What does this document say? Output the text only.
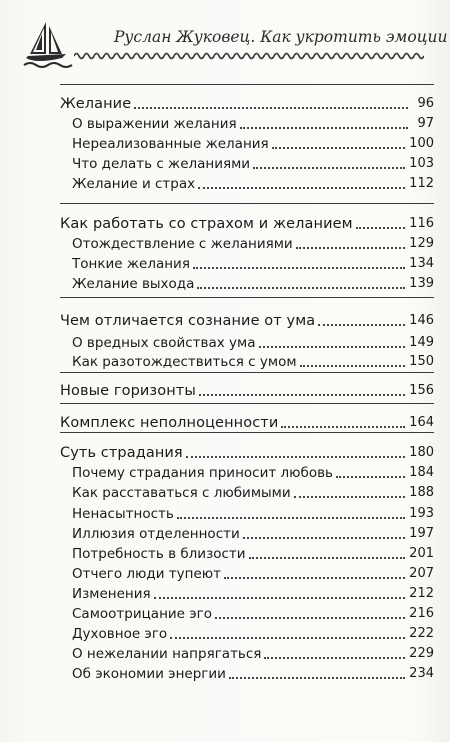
Руслан Жуковец. Как укротить эмоции
Желание	96
О выражении желания	97
Нереализованные желания	100
Что делать с желаниями	103
Желание и страх	112
Как работать со страхом и желанием	116
Отождествление с желаниями	129
Тонкие желания	134
Желание выхода	139
Чем отличается сознание от ума	146
О вредных свойствах ума	149
Как разотождествиться с умом	150
Новые горизонты	156
Комплекс неполноценности	164
Суть страдания	180
Почему страдания приносит любовь	184
Как расставаться с любимыми	188
Ненасытность	193
Иллюзия отделенности	197
Потребность в близости	201
Отчего люди тупеют	207
Изменения	212
Самоотрицание эго	216
Духовное эго	222
О нежелании напрягаться	229
Об экономии энергии	234
